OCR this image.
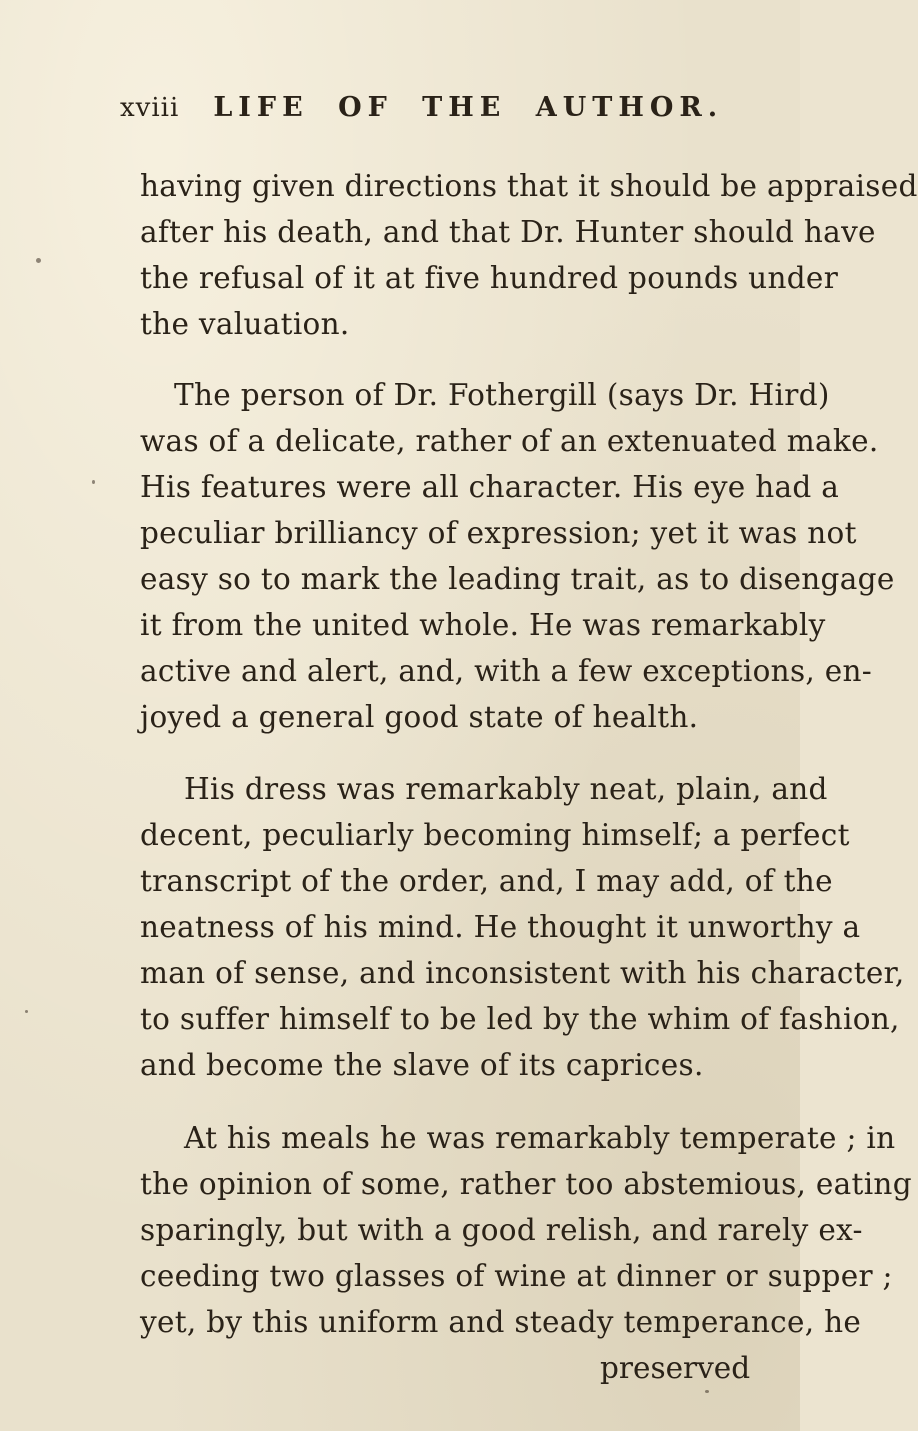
xviii LIFE OF THE AUTHOR.
having given directions that it should be appraised
after his death, and that Dr. Hunter should have
the refusal of it at five hundred pounds under
the valuation.
The person of Dr. Fothergill (says Dr. Hird)
was of a delicate, rather of an extenuated make.
His features were all character. His eye had a
peculiar brilliancy of expression; yet it was not
easy so to mark the leading trait, as to disengage
it from the united whole. He was remarkably
active and alert, and, with a few exceptions, en-
joyed a general good state of health.
His dress was remarkably neat, plain, and
decent, peculiarly becoming himself; a perfect
transcript of the order, and, I may add, of the
neatness of his mind. He thought it unworthy a
man of sense, and inconsistent with his character,
to suffer himself to be led by the whim of fashion,
and become the slave of its caprices.
At his meals he was remarkably temperate ; in
the opinion of some, rather too abstemious, eating
sparingly, but with a good relish, and rarely ex-
ceeding two glasses of wine at dinner or supper ;
yet, by this uniform and steady temperance, he
preserved
